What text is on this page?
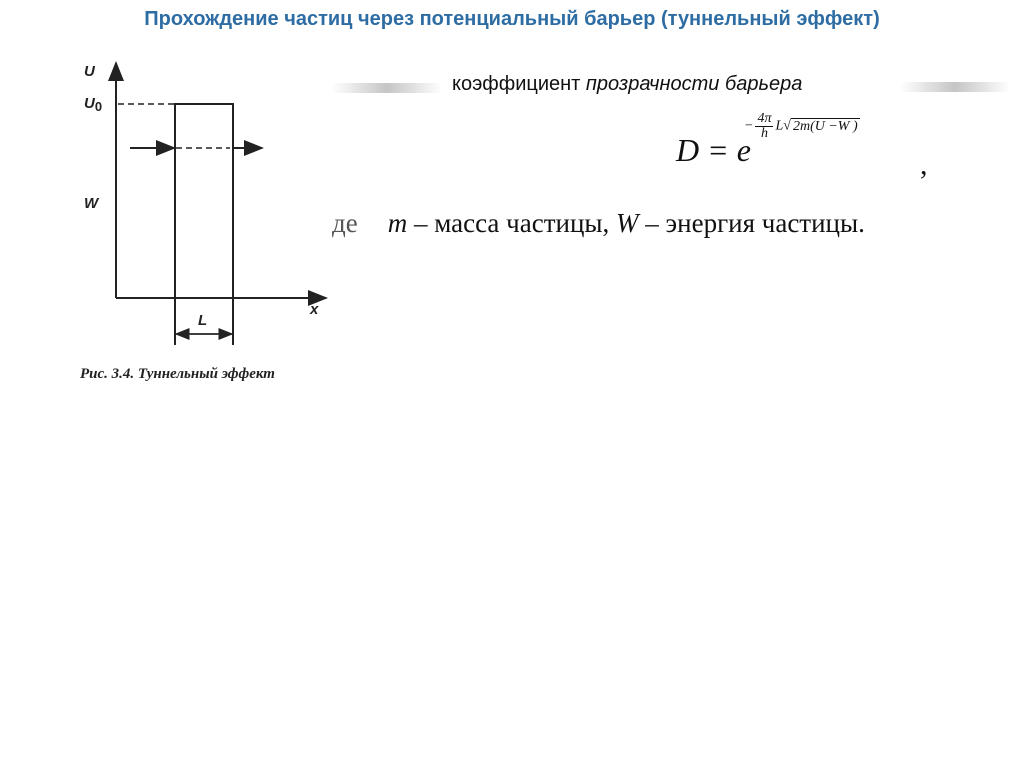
Прохождение частиц через потенциальный барьер (туннельный эффект)
U
U0
W
x
L
Рис. 3.4. Туннельный эффект
коэффициент прозрачности барьера
D = e
− $\frac{4\pi}{h} L√$ 2m(U −W )
,
де m – масса частицы, W – энергия частицы.
